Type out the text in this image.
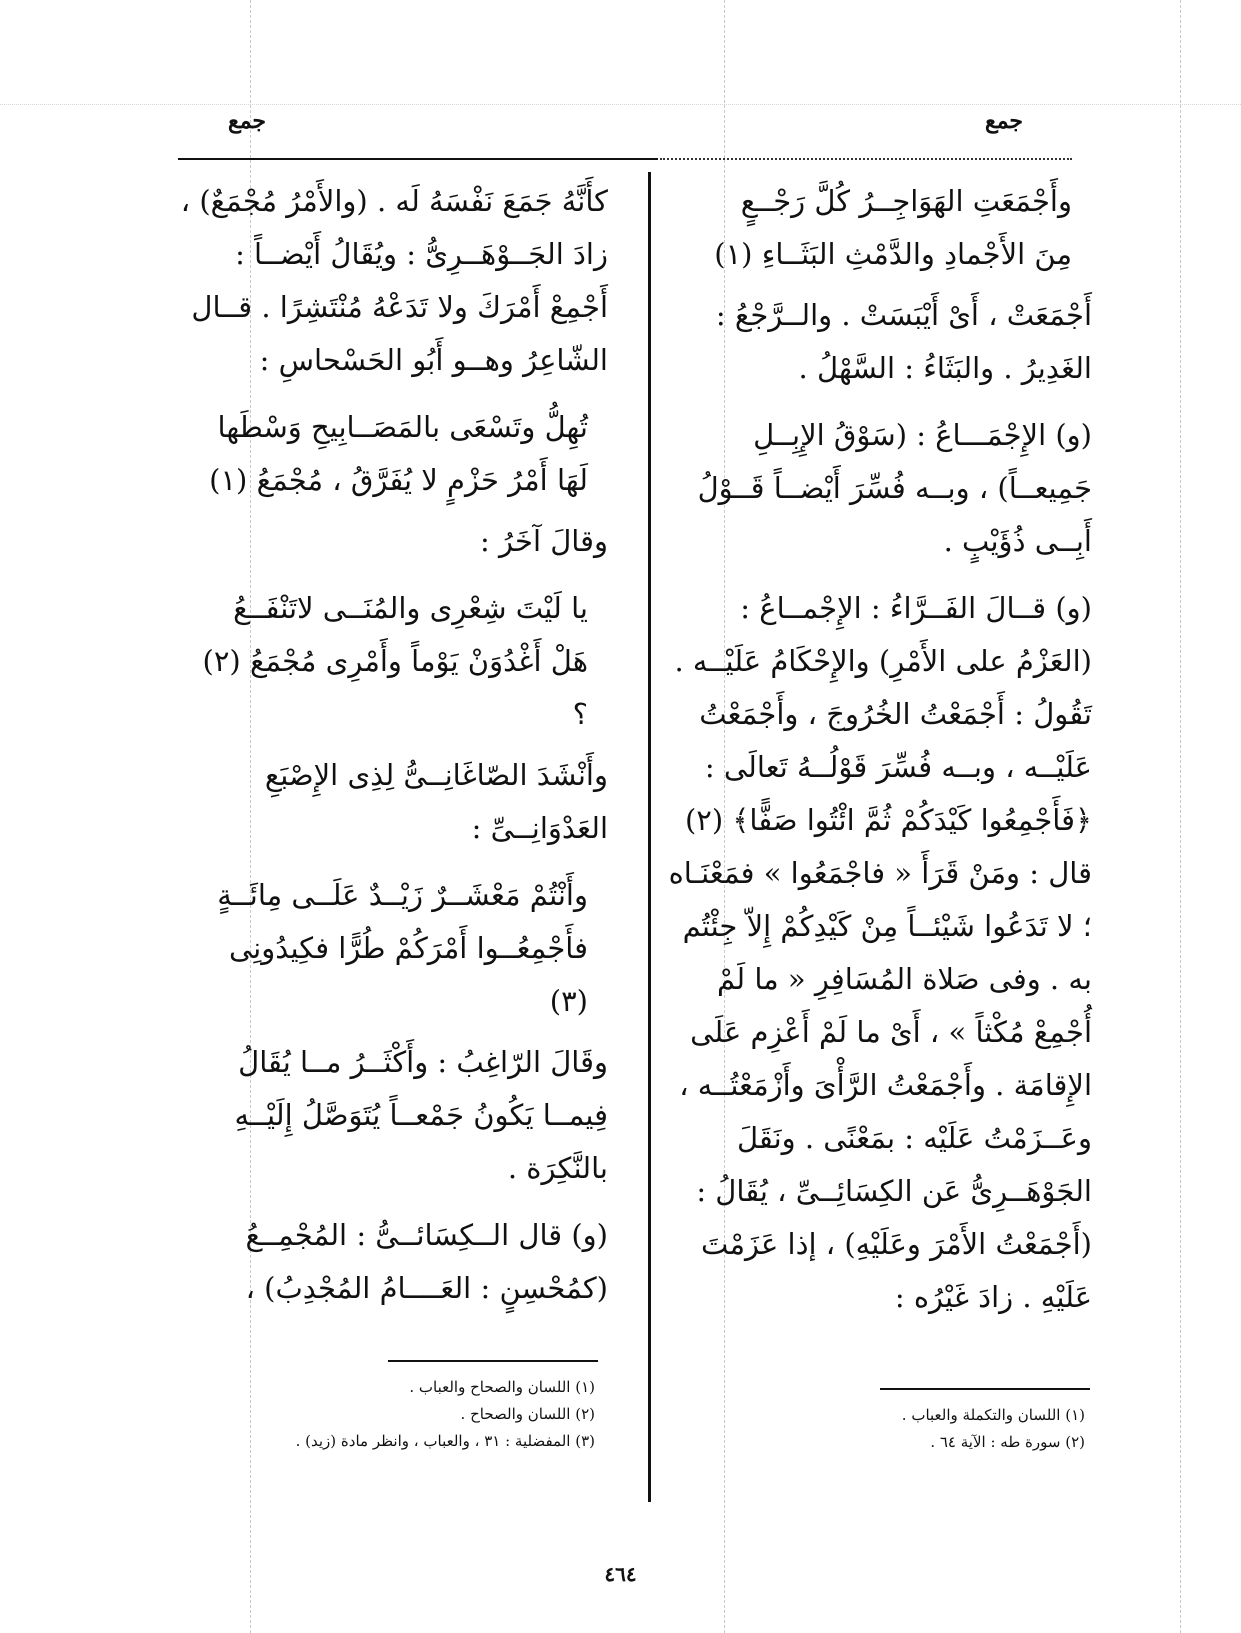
جمع
جمع
وأَجْمَعَتِ الهَوَاجِــرُ كُلَّ رَجْــعٍ
مِنَ الأَجْمادِ والدَّمْثِ البَثَــاءِ (١)
أَجْمَعَتْ ، أَىْ أَيْبَسَتْ . والــرَّجْعُ : الغَدِيرُ . والبَثَاءُ : السَّهْلُ .
(و) الإِجْمَـــاعُ : (سَوْقُ الإِبِــلِ جَمِيعــاً) ، وبــه فُسِّرَ أَيْضــاً قَــوْلُ أَبِــى ذُؤَيْبٍ .
(و) قــالَ الفَــرَّاءُ : الإِجْمــاعُ : (العَزْمُ على الأَمْرِ) والإِحْكَامُ عَلَيْــه . تَقُولُ : أَجْمَعْتُ الخُرُوجَ ، وأَجْمَعْتُ عَلَيْــه ، وبــه فُسِّرَ قَوْلُــهُ تَعالَى : ﴿فَأَجْمِعُوا كَيْدَكُمْ ثُمَّ ائْتُوا صَفًّا﴾ (٢) قال : ومَنْ قَرَأَ « فاجْمَعُوا » فمَعْنَـاه ؛ لا تَدَعُوا شَيْئــاً مِنْ كَيْدِكُمْ إِلاّ جِئْتُم به . وفى صَلاة المُسَافِرِ « ما لَمْ أُجْمِعْ مُكْثاً » ، أَىْ ما لَمْ أَعْزِم عَلَى الإِقامَة . وأَجْمَعْتُ الرَّأْىَ وأَزْمَعْتُــه ، وعَــزَمْتُ عَلَيْه : بمَعْنًى . ونَقَلَ الجَوْهَــرِىُّ عَن الكِسَائِــىِّ ، يُقَالُ : (أَجْمَعْتُ الأَمْرَ وعَلَيْهِ) ، إذا عَزَمْتَ عَلَيْهِ . زادَ غَيْرُه :
كأَنَّهُ جَمَعَ نَفْسَهُ لَه . (والأَمْرُ مُجْمَعٌ) ، زادَ الجَــوْهَــرِىُّ : ويُقَالُ أَيْضــاً : أَجْمِعْ أَمْرَكَ ولا تَدَعْهُ مُنْتَشِرًا . قــال الشّاعِرُ وهــو أَبُو الحَسْحاسِ :
تُهِلُّ وتَسْعَى بالمَصَــابِيحِ وَسْطَها
لَهَا أَمْرُ حَزْمٍ لا يُفَرَّقُ ، مُجْمَعُ (١)
وقالَ آخَرُ :
يا لَيْتَ شِعْرِى والمُنَــى لاتَنْفَــعُ
هَلْ أَغْدُوَنْ يَوْماً وأَمْرِى مُجْمَعُ (٢) ؟
وأَنْشَدَ الصّاغَانِــىُّ لِذِى الإِصْبَعِ العَدْوَانِــىِّ :
وأَنْتُمْ مَعْشَــرٌ زَيْــدٌ عَلَــى مِائَــةٍ
فأَجْمِعُــوا أَمْرَكُمْ طُرًّا فكِيدُونِى (٣)
وقَالَ الرّاغِبُ : وأَكْثَــرُ مــا يُقَالُ فِيمــا يَكُونُ جَمْعــاً يُتَوَصَّلُ إِلَيْــهِ بالنَّكِرَة .
(و) قال الــكِسَائــىُّ : المُجْمِــعُ (كمُحْسِنٍ : العَــــامُ المُجْدِبُ) ،
(١) اللسان والتكملة والعباب .
(٢) سورة طه : الآية ٦٤ .
(١) اللسان والصحاح والعباب .
(٢) اللسان والصحاح .
(٣) المفضلية : ٣١ ، والعباب ، وانظر مادة (زيد) .
٤٦٤
